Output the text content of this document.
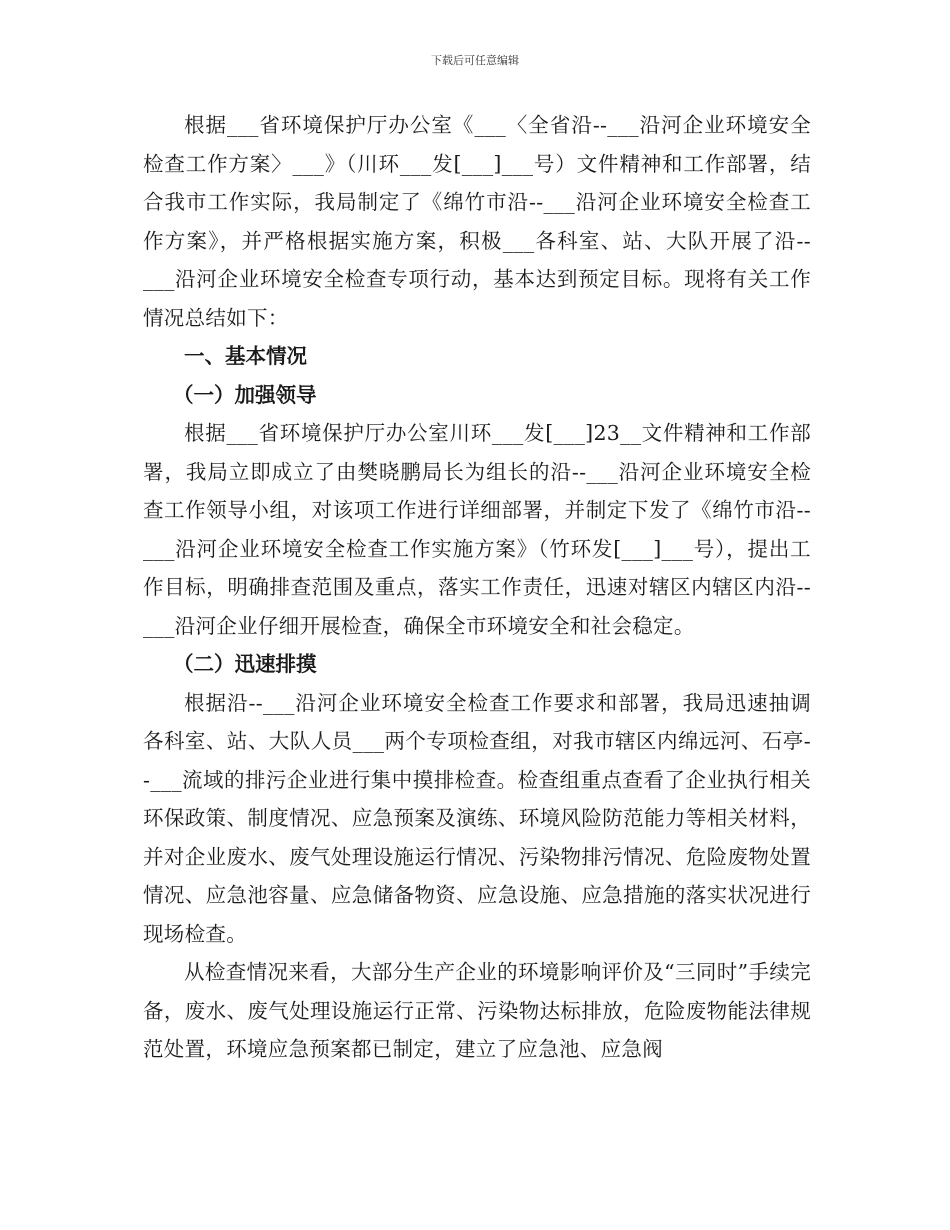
下载后可任意编辑

根据___省环境保护厅办公室《___〈全省沿--___沿河企业环境安全检查工作方案〉___》（川环___发[___]___号）文件精神和工作部署，结合我市工作实际，我局制定了《绵竹市沿--___沿河企业环境安全检查工作方案》，并严格根据实施方案，积极___各科室、站、大队开展了沿--___沿河企业环境安全检查专项行动，基本达到预定目标。现将有关工作情况总结如下：

一、基本情况

（一）加强领导

根据___省环境保护厅办公室川环___发[___]23__文件精神和工作部署，我局立即成立了由樊晓鹏局长为组长的沿--___沿河企业环境安全检查工作领导小组，对该项工作进行详细部署，并制定下发了《绵竹市沿--___沿河企业环境安全检查工作实施方案》（竹环发[___]___号），提出工作目标，明确排查范围及重点，落实工作责任，迅速对辖区内辖区内沿--___沿河企业仔细开展检查，确保全市环境安全和社会稳定。

（二）迅速排摸

根据沿--___沿河企业环境安全检查工作要求和部署，我局迅速抽调各科室、站、大队人员___两个专项检查组，对我市辖区内绵远河、石亭--___流域的排污企业进行集中摸排检查。检查组重点查看了企业执行相关环保政策、制度情况、应急预案及演练、环境风险防范能力等相关材料，并对企业废水、废气处理设施运行情况、污染物排污情况、危险废物处置情况、应急池容量、应急储备物资、应急设施、应急措施的落实状况进行现场检查。

从检查情况来看，大部分生产企业的环境影响评价及“三同时”手续完备，废水、废气处理设施运行正常、污染物达标排放，危险废物能法律规范处置，环境应急预案都已制定，建立了应急池、应急阀
